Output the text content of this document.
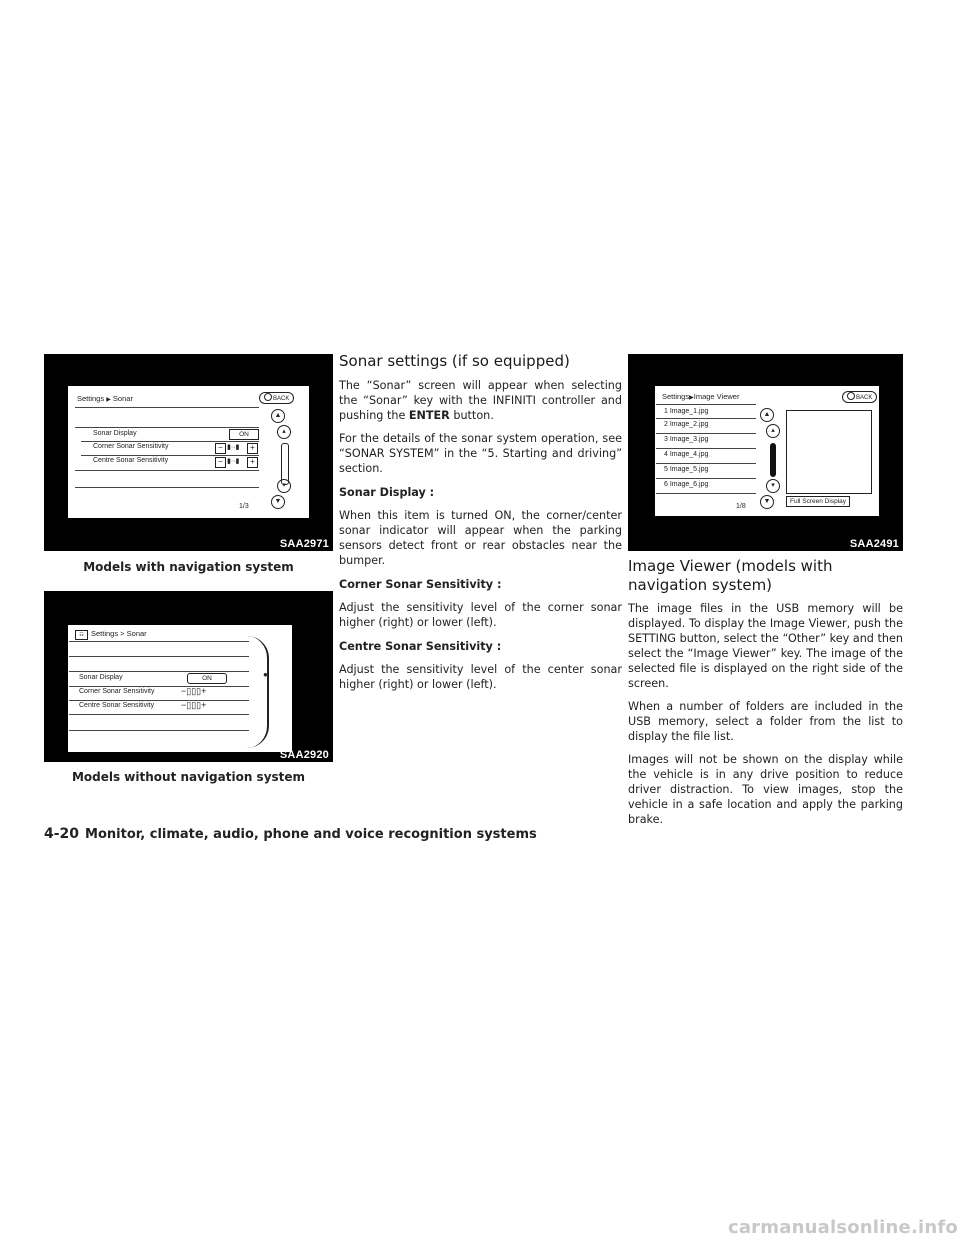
Settings ▶ Sonar	BACK
Sonar Display	ON
Corner Sonar Sensitivity	− ▮··▮	+
Centre Sonar Sensitivity	− ▮··▮	+
▲
▴
▾
▼
1/3
SAA2971
Models with navigation system
☷ Settings > Sonar
Sonar Display	ON
Corner Sonar Sensitivity	−▯▯▯+
Centre Sonar Sensitivity	−▯▯▯+
●
SAA2920
Models without navigation system
Sonar settings (if so equipped)

The “Sonar” screen will appear when selecting the “Sonar” key with the INFINITI controller and pushing the ENTER button.

For the details of the sonar system operation, see “SONAR SYSTEM” in the “5. Starting and driving” section.

Sonar Display :

When this item is turned ON, the corner/center sonar indicator will appear when the parking sensors detect front or rear obstacles near the bumper.

Corner Sonar Sensitivity :

Adjust the sensitivity level of the corner sonar higher (right) or lower (left).

Centre Sonar Sensitivity :

Adjust the sensitivity level of the center sonar higher (right) or lower (left).

Settings▶Image Viewer	BACK
1 Image_1.jpg
2 Image_2.jpg
3 Image_3.jpg
4 Image_4.jpg
5 Image_5.jpg
6 Image_6.jpg
▲
▴
▾
▼
1/8
Full Screen Display
SAA2491
Image Viewer (models with
navigation system)

The image files in the USB memory will be displayed. To display the Image Viewer, push the SETTING button, select the “Other” key and then select the “Image Viewer” key. The image of the selected file is displayed on the right side of the screen.

When a number of folders are included in the USB memory, select a folder from the list to display the file list.

Images will not be shown on the display while the vehicle is in any drive position to reduce driver distraction. To view images, stop the vehicle in a safe location and apply the parking brake.

4-20 Monitor, climate, audio, phone and voice recognition systems
carmanualsonline.info
